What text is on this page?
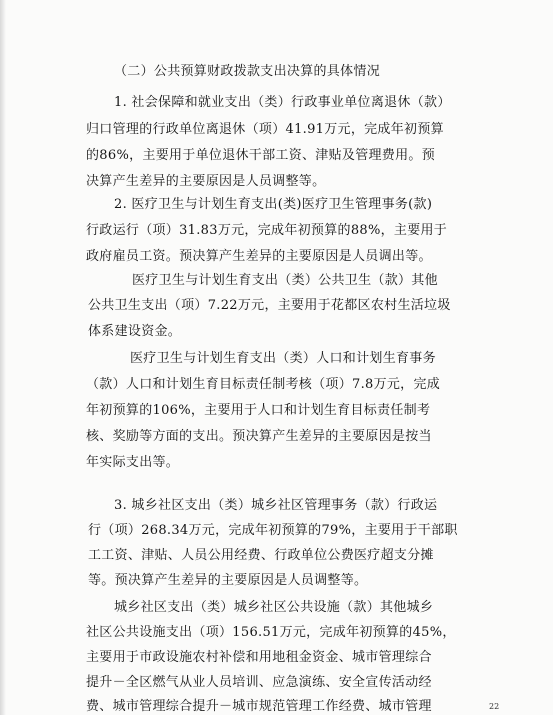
（二）公共预算财政拨款支出决算的具体情况
1. 社会保障和就业支出（类）行政事业单位离退休（款）
归口管理的行政单位离退休（项）41.91万元，完成年初预算
的86%，主要用于单位退休干部工资、津贴及管理费用。预
决算产生差异的主要原因是人员调整等。
2. 医疗卫生与计划生育支出(类)医疗卫生管理事务(款)
行政运行（项）31.83万元，完成年初预算的88%，主要用于
政府雇员工资。预决算产生差异的主要原因是人员调出等。
医疗卫生与计划生育支出（类）公共卫生（款）其他
公共卫生支出（项）7.22万元，主要用于花都区农村生活垃圾
体系建设资金。
医疗卫生与计划生育支出（类）人口和计划生育事务
（款）人口和计划生育目标责任制考核（项）7.8万元，完成
年初预算的106%，主要用于人口和计划生育目标责任制考
核、奖励等方面的支出。预决算产生差异的主要原因是按当
年实际支出等。
3. 城乡社区支出（类）城乡社区管理事务（款）行政运
行（项）268.34万元，完成年初预算的79%，主要用于干部职
工工资、津贴、人员公用经费、行政单位公费医疗超支分摊
等。预决算产生差异的主要原因是人员调整等。
城乡社区支出（类）城乡社区公共设施（款）其他城乡
社区公共设施支出（项）156.51万元，完成年初预算的45%，
主要用于市政设施农村补偿和用地租金资金、城市管理综合
提升－全区燃气从业人员培训、应急演练、安全宣传活动经
费、城市管理综合提升－城市规范管理工作经费、城市管理	22
